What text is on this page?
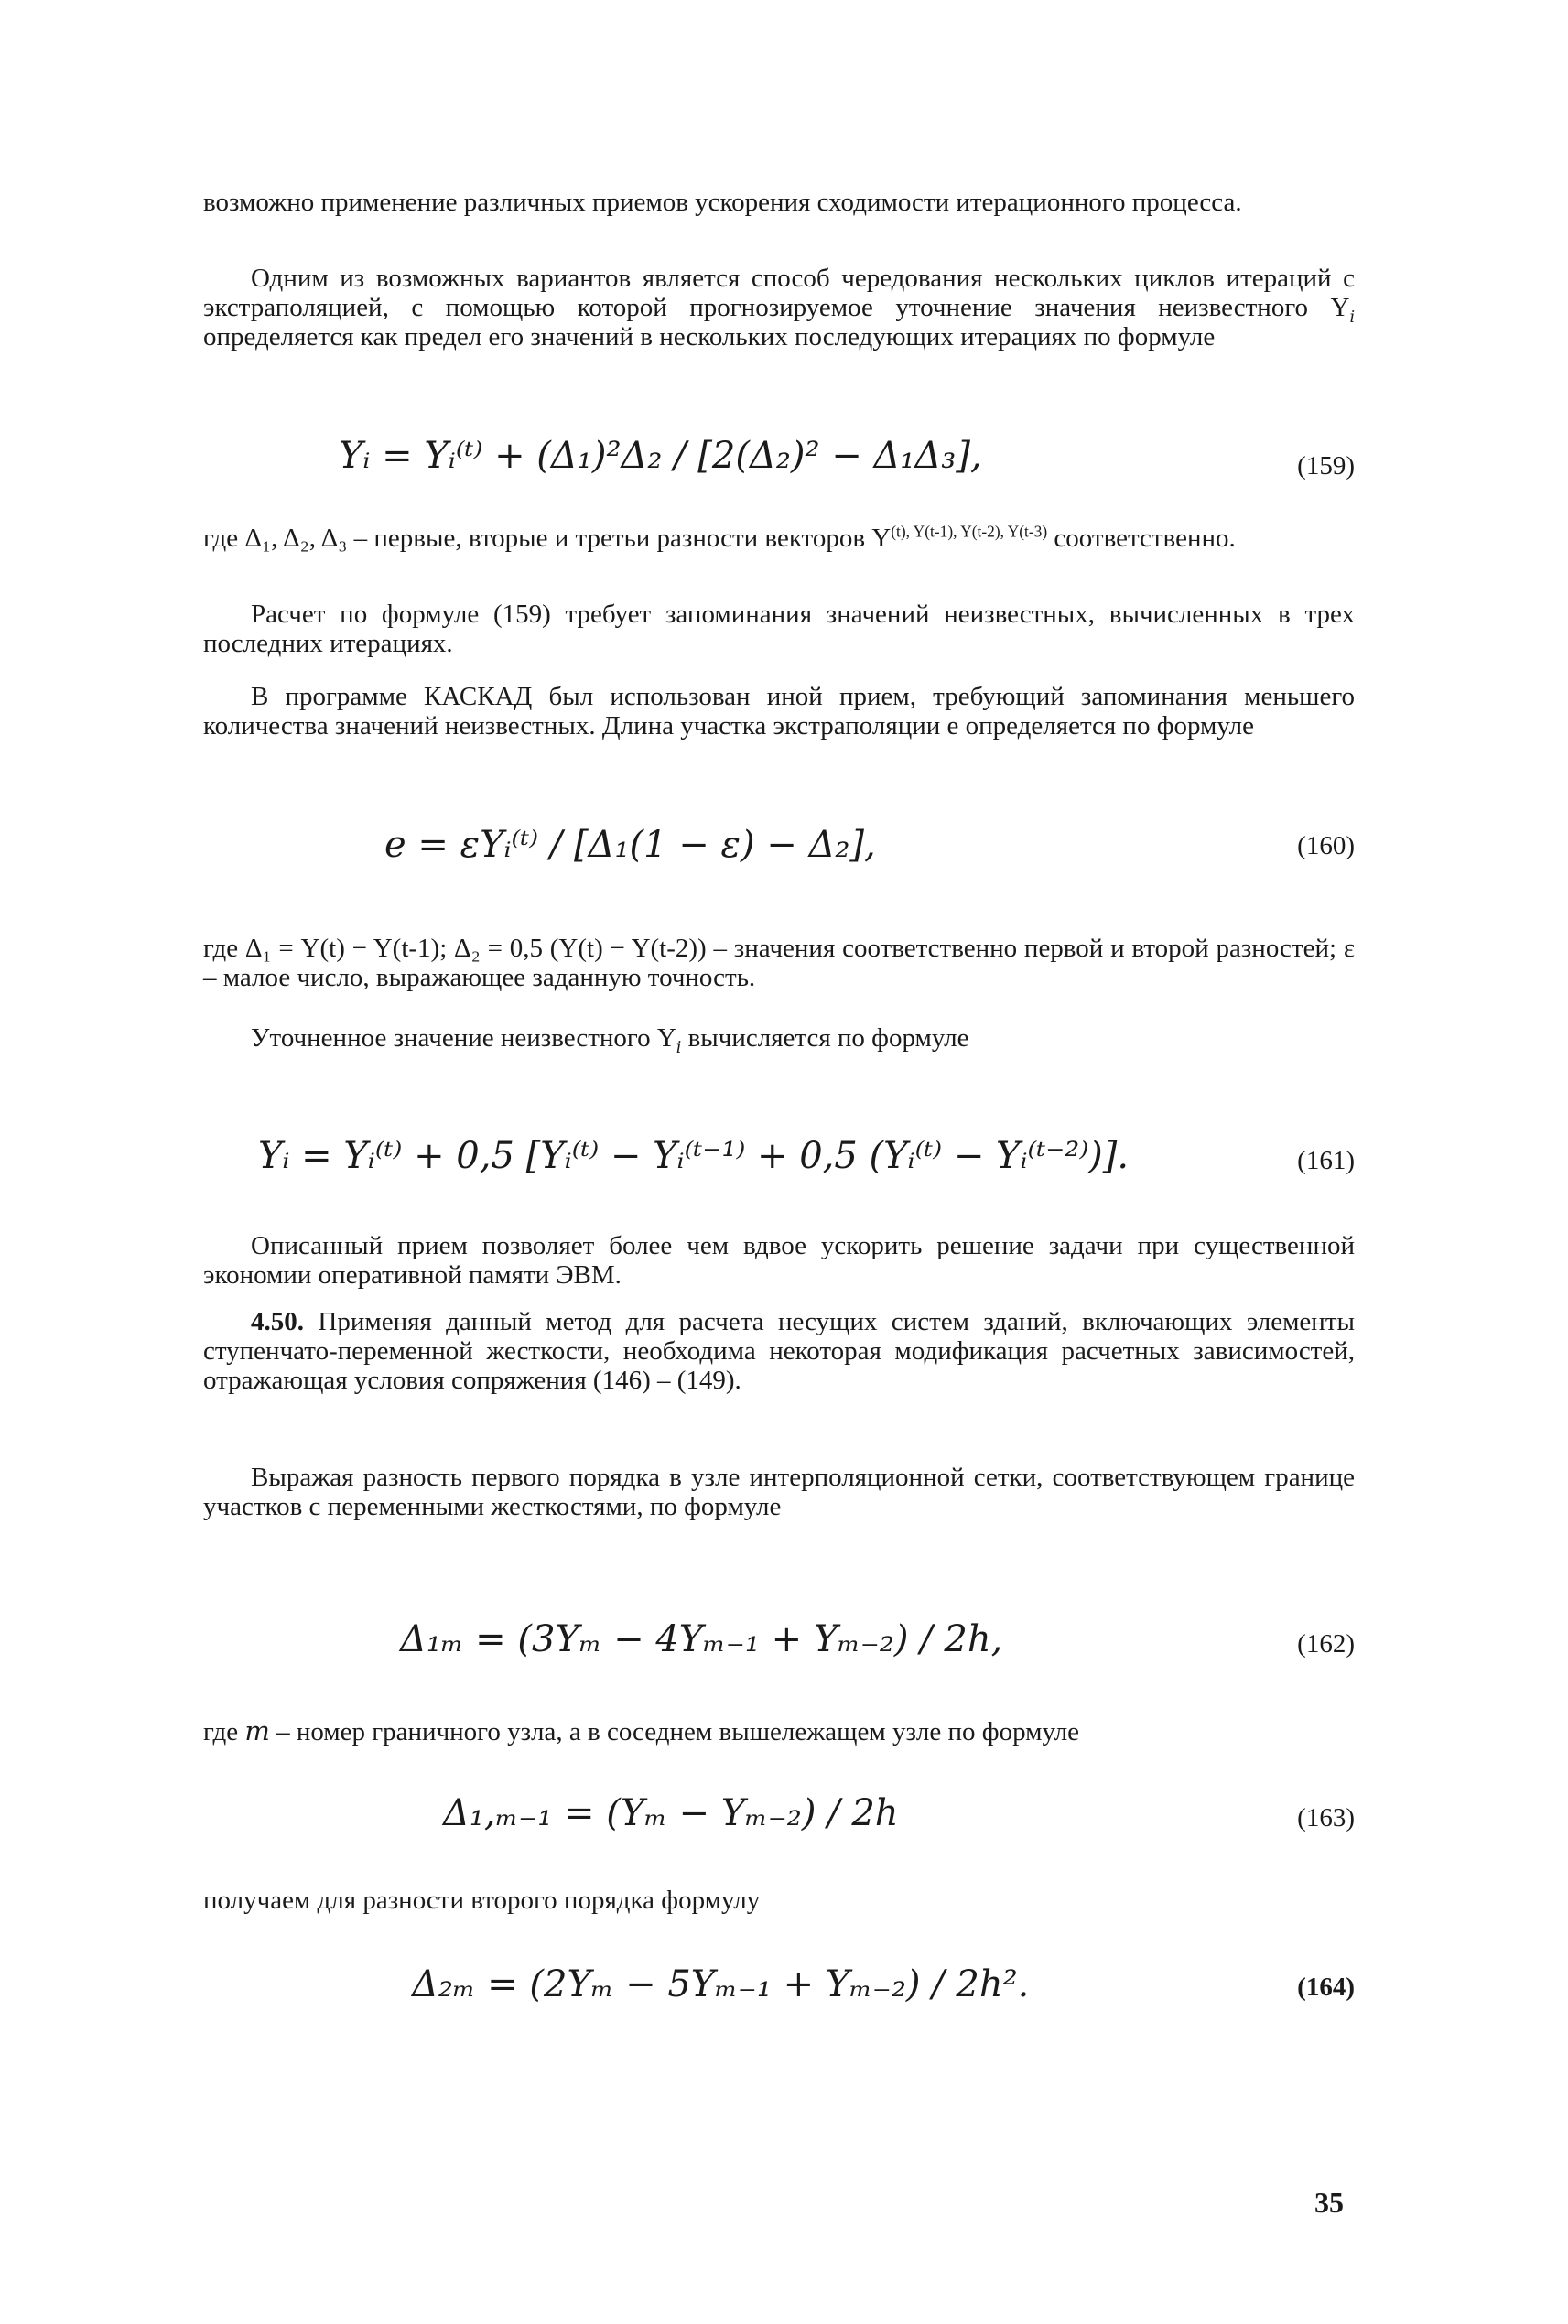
возможно применение различных приемов ускорения сходимости итерационного процесса.

Одним из возможных вариантов является способ чередования нескольких циклов итераций с экстраполяцией, с помощью которой прогнозируемое уточнение значения неизвестного $Y_i$ определяется как предел его значений в нескольких последующих итерациях по формуле

Yᵢ = Yᵢ⁽ᵗ⁾ + (Δ₁)²Δ₂ / [2(Δ₂)² − Δ₁Δ₃],	(159)

где Δ₁, Δ₂, Δ₃ – первые, вторые и третьи разности векторов $Y^{(t), Y(t-1), Y(t-2), Y(t-3)}$ соответственно.

Расчет по формуле (159) требует запоминания значений неизвестных, вычисленных в трех последних итерациях.

В программе КАСКАД был использован иной прием, требующий запоминания меньшего количества значений неизвестных. Длина участка экстраполяции e определяется по формуле

e = εYᵢ⁽ᵗ⁾ / [Δ₁(1 − ε) − Δ₂],	(160)

где Δ₁ = Y(t) − Y(t-1); Δ₂ = 0,5 (Y(t) − Y(t-2)) – значения соответственно первой и второй разностей; ε – малое число, выражающее заданную точность.

Уточненное значение неизвестного $Y_i$ вычисляется по формуле

Yᵢ = Yᵢ⁽ᵗ⁾ + 0,5 [Yᵢ⁽ᵗ⁾ − Yᵢ⁽ᵗ⁻¹⁾ + 0,5 (Yᵢ⁽ᵗ⁾ − Yᵢ⁽ᵗ⁻²⁾)].	(161)

Описанный прием позволяет более чем вдвое ускорить решение задачи при существенной экономии оперативной памяти ЭВМ.

4.50. Применяя данный метод для расчета несущих систем зданий, включающих элементы ступенчато-переменной жесткости, необходима некоторая модификация расчетных зависимостей, отражающая условия сопряжения (146) – (149).

Выражая разность первого порядка в узле интерполяционной сетки, соответствующем границе участков с переменными жесткостями, по формуле

Δ₁ₘ = (3Yₘ − 4Yₘ₋₁ + Yₘ₋₂) / 2h,	(162)

где m – номер граничного узла, а в соседнем вышележащем узле по формуле

Δ₁,ₘ₋₁ = (Yₘ − Yₘ₋₂) / 2h	(163)

получаем для разности второго порядка формулу

Δ₂ₘ = (2Yₘ − 5Yₘ₋₁ + Yₘ₋₂) / 2h².	(164)
35
